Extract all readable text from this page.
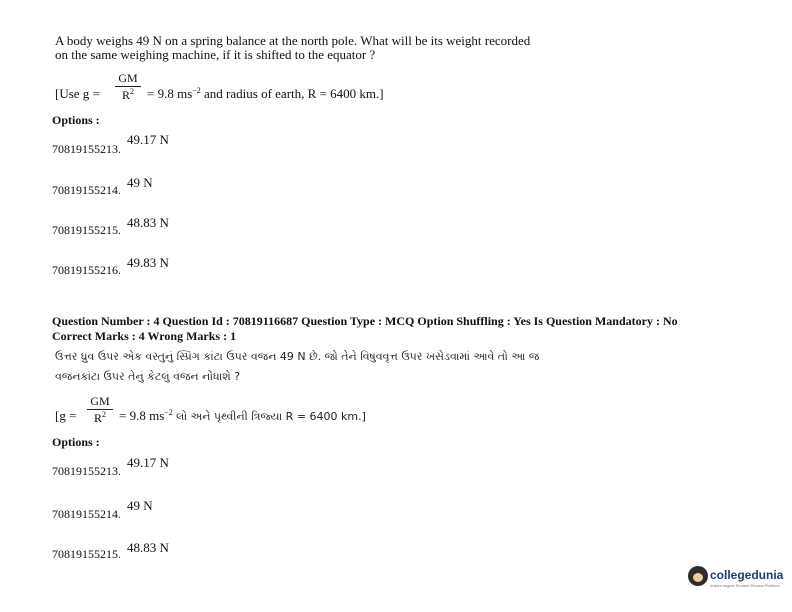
A body weighs 49 N on a spring balance at the north pole. What will be its weight recorded
on the same weighing machine, if it is shifted to the equator ?
[Use g =
GM
$R^2$	= 9.8 $ms^{-2}$ and radius of earth, R = 6400 km.]
Options :
70819155213.
49.17 N
70819155214. 49 N
70819155215. 48.83 N
70819155216. 49.83 N
Question Number : 4 Question Id : 70819116687 Question Type : MCQ Option Shuffling : Yes Is Question Mandatory : No
Correct Marks : 4 Wrong Marks : 1
ઉત્તર ધ્રુવ ઉપર એક વસ્તુનું સ્પ્રિંગ કાંટા ઉપર વજન 49 N છે. જો તેને વિષુવવૃત્ત ઉપર ખસેડવામાં આવે તો આ જ
વજનકાંટા ઉપર તેનું કેટલું વજન નોંધાશે ?
[g =
GM
$R^2$	= 9.8 $ms^{-2}$ લો અને પૃથ્વીની ત્રિજ્યા R = 6400 km.]
Options :
70819155213.
49.17 N
70819155214.
49 N
70819155215. 48.83 N
collegedunia
India's largest Student Review Platform
